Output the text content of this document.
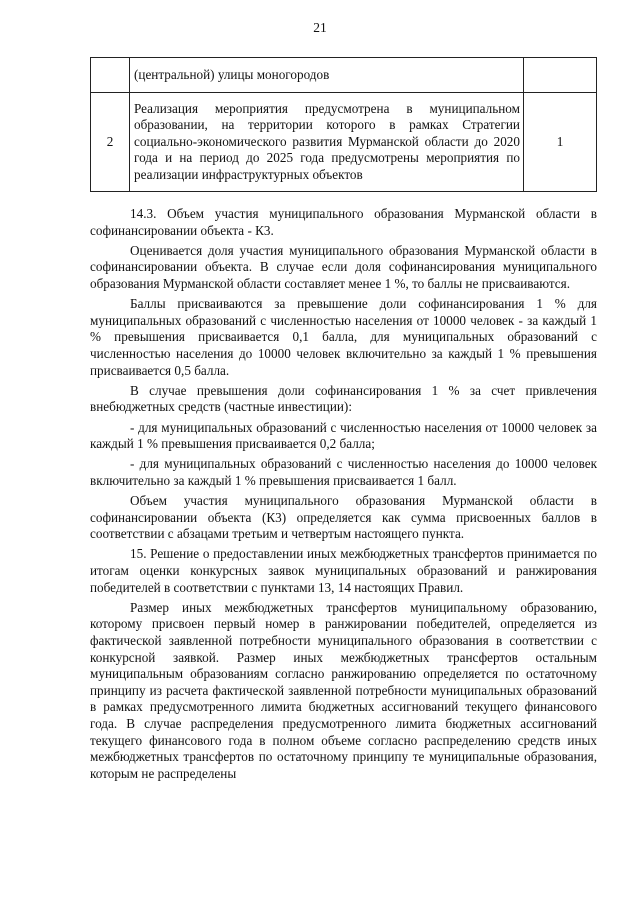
21
	(центральной) улицы моногородов	
2	Реализация мероприятия предусмотрена в муниципальном образовании, на территории которого в рамках Стратегии социально-экономического развития Мурманской области до 2020 года и на период до 2025 года предусмотрены мероприятия по реализации инфраструктурных объектов	1

14.3. Объем участия муниципального образования Мурманской области в софинансировании объекта - К3.

Оценивается доля участия муниципального образования Мурманской области в софинансировании объекта. В случае если доля софинансирования муниципального образования Мурманской области составляет менее 1 %, то баллы не присваиваются.

Баллы присваиваются за превышение доли софинансирования 1 % для муниципальных образований с численностью населения от 10000 человек - за каждый 1 % превышения присваивается 0,1 балла, для муниципальных образований с численностью населения до 10000 человек включительно за каждый 1 % превышения присваивается 0,5 балла.

В случае превышения доли софинансирования 1 % за счет привлечения внебюджетных средств (частные инвестиции):

- для муниципальных образований с численностью населения от 10000 человек за каждый 1 % превышения присваивается 0,2 балла;

- для муниципальных образований с численностью населения до 10000 человек включительно за каждый 1 % превышения присваивается 1 балл.

Объем участия муниципального образования Мурманской области в софинансировании объекта (К3) определяется как сумма присвоенных баллов в соответствии с абзацами третьим и четвертым настоящего пункта.

15. Решение о предоставлении иных межбюджетных трансфертов принимается по итогам оценки конкурсных заявок муниципальных образований и ранжирования победителей в соответствии с пунктами 13, 14 настоящих Правил.

Размер иных межбюджетных трансфертов муниципальному образованию, которому присвоен первый номер в ранжировании победителей, определяется из фактической заявленной потребности муниципального образования в соответствии с конкурсной заявкой. Размер иных межбюджетных трансфертов остальным муниципальным образованиям согласно ранжированию определяется по остаточному принципу из расчета фактической заявленной потребности муниципальных образований в рамках предусмотренного лимита бюджетных ассигнований текущего финансового года. В случае распределения предусмотренного лимита бюджетных ассигнований текущего финансового года в полном объеме согласно распределению средств иных межбюджетных трансфертов по остаточному принципу те муниципальные образования, которым не распределены
